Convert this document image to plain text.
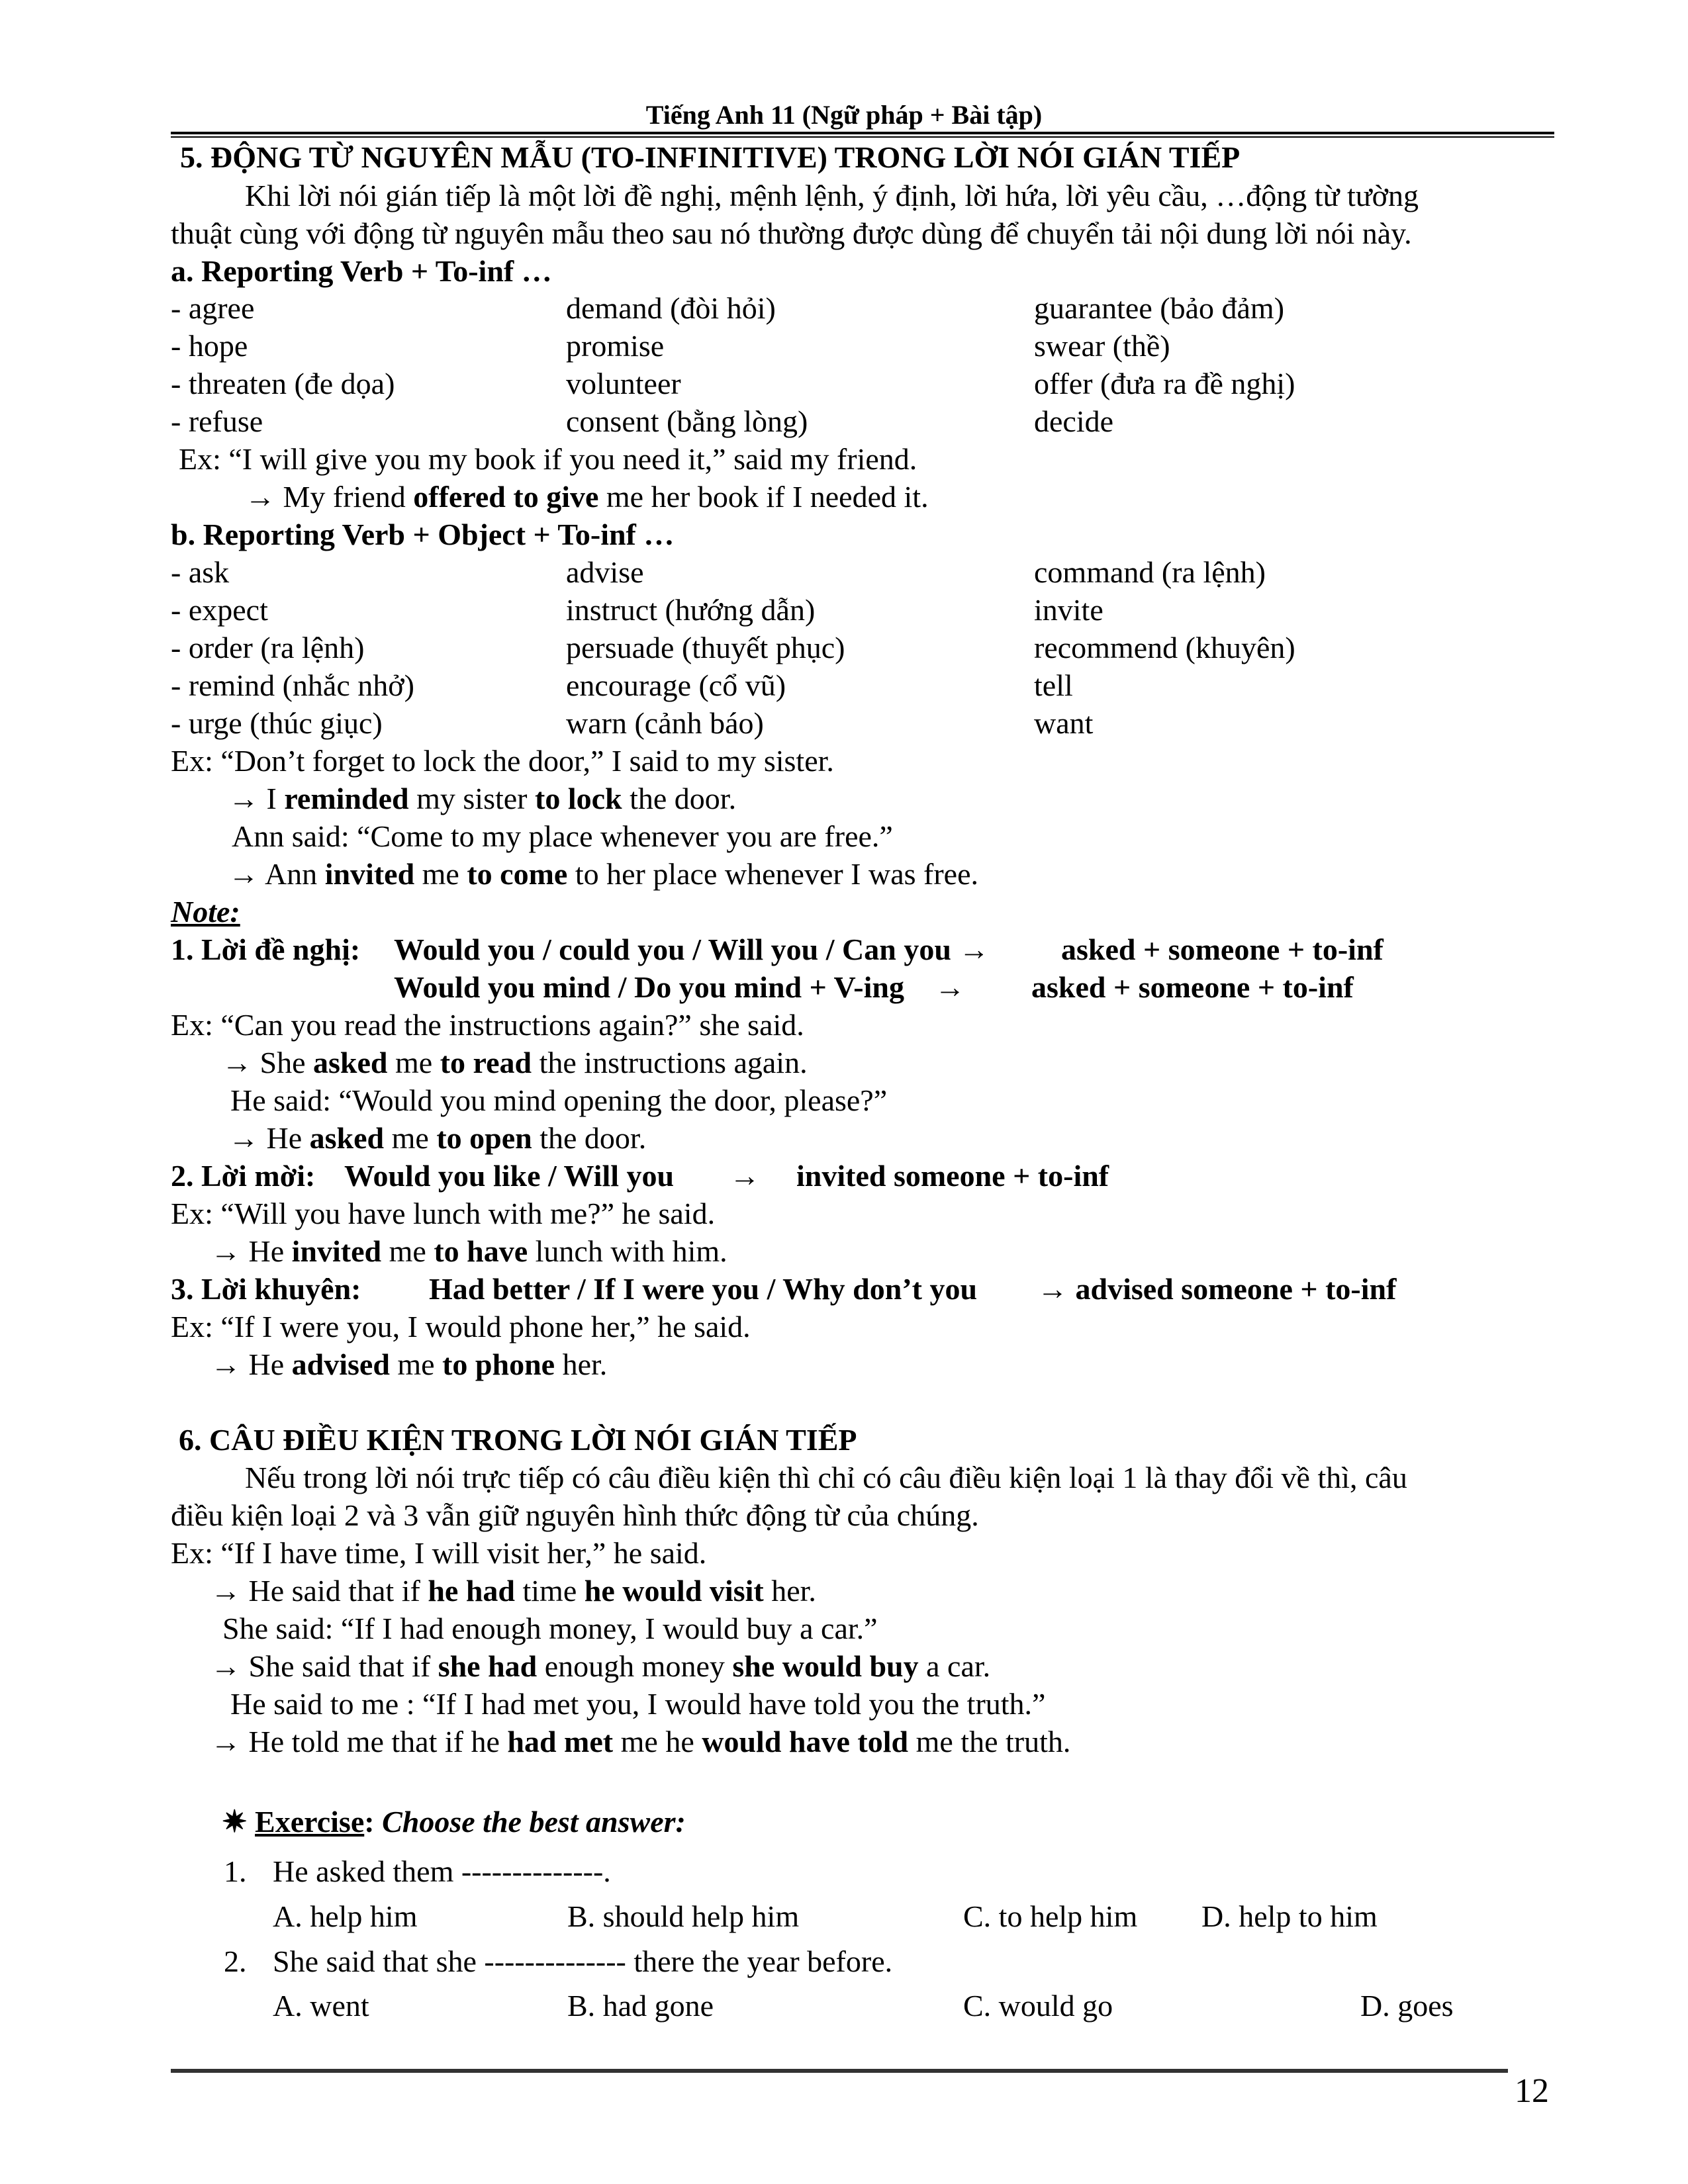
Tiếng Anh 11 (Ngữ pháp + Bài tập)
5. ĐỘNG TỪ NGUYÊN MẪU (TO-INFINITIVE) TRONG LỜI NÓI GIÁN TIẾP
Khi lời nói gián tiếp là một lời đề nghị, mệnh lệnh, ý định, lời hứa, lời yêu cầu, …động từ tường
thuật cùng với động từ nguyên mẫu theo sau nó thường được dùng để chuyển tải nội dung lời nói này.
a. Reporting Verb + To-inf …
- agree	demand (đòi hỏi)	guarantee (bảo đảm)
- hope	promise	swear (thề)
- threaten (đe dọa)	volunteer	offer (đưa ra đề nghị)
- refuse	consent (bằng lòng)	decide
Ex: “I will give you my book if you need it,” said my friend.
→ My friend offered to give me her book if I needed it.
b. Reporting Verb + Object + To-inf …
- ask	advise	command (ra lệnh)
- expect	instruct (hướng dẫn)	invite
- order (ra lệnh)	persuade (thuyết phục)	recommend (khuyên)
- remind (nhắc nhở)	encourage (cổ vũ)	tell
- urge (thúc giục)	warn (cảnh báo)	want
Ex: “Don’t forget to lock the door,” I said to my sister.
→ I reminded my sister to lock the door.
Ann said: “Come to my place whenever you are free.”
→ Ann invited me to come to her place whenever I was free.
Note:
1. Lời đề nghị: Would you / could you / Will you / Can you → asked + someone + to-inf
Would you mind / Do you mind + V-ing → asked + someone + to-inf
Ex: “Can you read the instructions again?” she said.
→ She asked me to read the instructions again.
He said: “Would you mind opening the door, please?”
→ He asked me to open the door.
2. Lời mời: Would you like / Will you → invited someone + to-inf
Ex: “Will you have lunch with me?” he said.
→ He invited me to have lunch with him.
3. Lời khuyên: Had better / If I were you / Why don’t you → advised someone + to-inf
Ex: “If I were you, I would phone her,” he said.
→ He advised me to phone her.
6. CÂU ĐIỀU KIỆN TRONG LỜI NÓI GIÁN TIẾP
Nếu trong lời nói trực tiếp có câu điều kiện thì chỉ có câu điều kiện loại 1 là thay đổi về thì, câu
điều kiện loại 2 và 3 vẫn giữ nguyên hình thức động từ của chúng.
Ex: “If I have time, I will visit her,” he said.
→ He said that if he had time he would visit her.
She said: “If I had enough money, I would buy a car.”
→ She said that if she had enough money she would buy a car.
He said to me : “If I had met you, I would have told you the truth.”
→ He told me that if he had met me he would have told me the truth.
✷ Exercise: Choose the best answer:
1. He asked them --------------.
A. help him	B. should help him	C. to help him D. help to him
2. She said that she -------------- there the year before.
A. went	B. had gone	C. would go	D. goes
12
